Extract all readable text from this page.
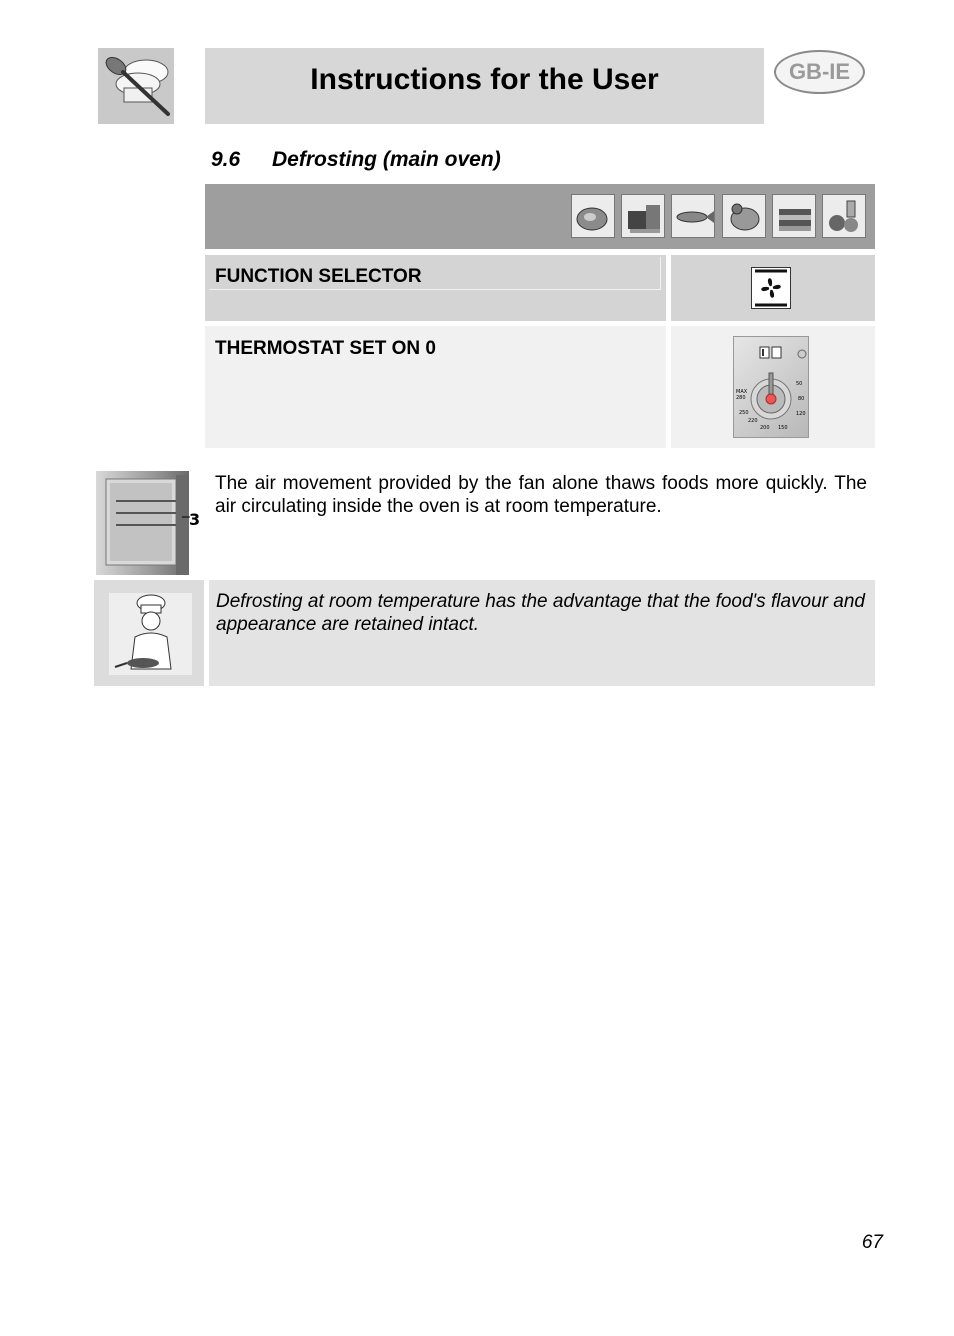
Instructions for the User	GB-IE
9.6 Defrosting (main oven)
FUNCTION SELECTOR
THERMOSTAT SET ON 0
50
80
120
150
200
220
250
280
MAX
3
The air movement provided by the fan alone thaws foods more quickly. The air circulating inside the oven is at room temperature.
Defrosting at room temperature has the advantage that the food's flavour and appearance are retained intact.
67
